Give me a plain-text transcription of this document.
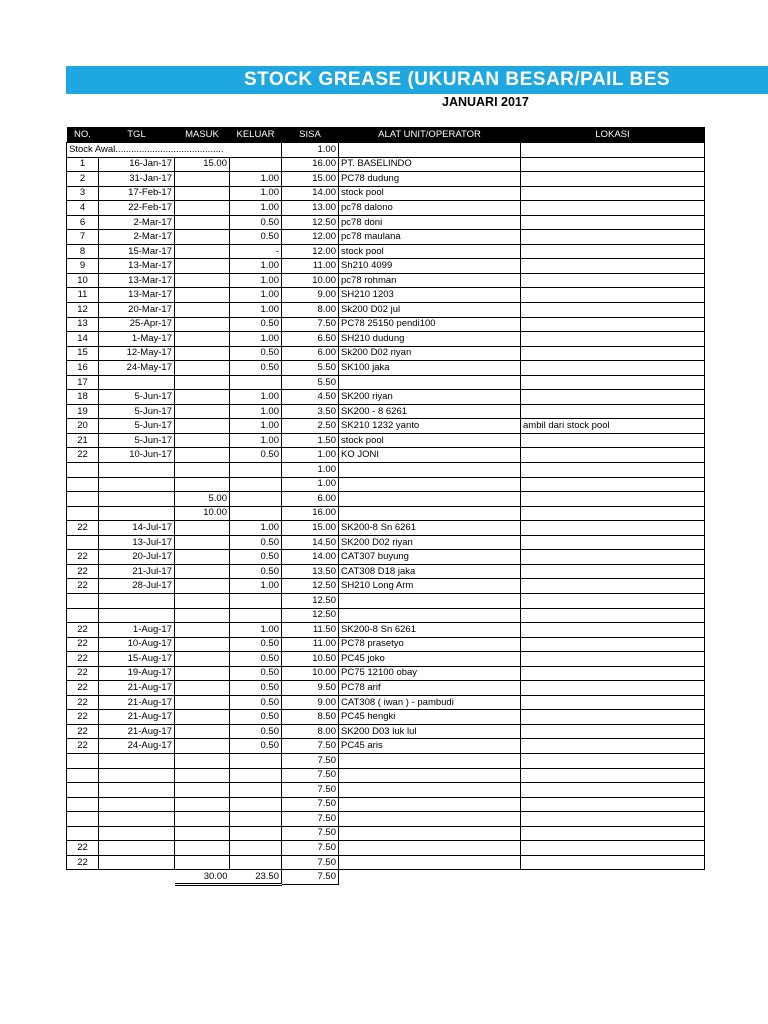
STOCK GREASE (UKURAN BESAR/PAIL BES
JANUARI 2017
NO.	TGL	MASUK	KELUAR	SISA	ALAT UNIT/OPERATOR	LOKASI
Stock Awal.........................................				1.00		
1	16-Jan-17	15.00		16.00	PT. BASELINDO	
2	31-Jan-17		1.00	15.00	PC78 dudung	
3	17-Feb-17		1.00	14.00	stock pool	
4	22-Feb-17		1.00	13.00	pc78 dalono	
6	2-Mar-17		0.50	12.50	pc78 doni	
7	2-Mar-17		0.50	12.00	pc78 maulana	
8	15-Mar-17		-	12.00	stock pool	
9	13-Mar-17		1.00	11.00	Sh210 4099	
10	13-Mar-17		1.00	10.00	pc78 rohman	
11	13-Mar-17		1.00	9.00	SH210 1203	
12	20-Mar-17		1.00	8.00	Sk200 D02 jul	
13	25-Apr-17		0.50	7.50	PC78 25150 pendi100	
14	1-May-17		1.00	6.50	SH210 dudung	
15	12-May-17		0.50	6.00	Sk200 D02 riyan	
16	24-May-17		0.50	5.50	SK100 jaka	
17				5.50		
18	5-Jun-17		1.00	4.50	SK200 riyan	
19	5-Jun-17		1.00	3.50	SK200 - 8 6261	
20	5-Jun-17		1.00	2.50	SK210 1232 yanto	ambil dari stock pool
21	5-Jun-17		1.00	1.50	stock pool	
22	10-Jun-17		0.50	1.00	KO JONI	
				1.00		
				1.00		
		5.00		6.00		
		10.00		16.00		
22	14-Jul-17		1.00	15.00	SK200-8 Sn 6261	
	13-Jul-17		0.50	14.50	SK200 D02 riyan	
22	20-Jul-17		0.50	14.00	CAT307 buyung	
22	21-Jul-17		0.50	13.50	CAT308 D18 jaka	
22	28-Jul-17		1.00	12.50	SH210 Long Arm	
				12.50		
				12.50		
22	1-Aug-17		1.00	11.50	SK200-8 Sn 6261	
22	10-Aug-17		0.50	11.00	PC78 prasetyo	
22	15-Aug-17		0.50	10.50	PC45 joko	
22	19-Aug-17		0.50	10.00	PC75 12100 obay	
22	21-Aug-17		0.50	9.50	PC78 arif	
22	21-Aug-17		0.50	9.00	CAT308 ( iwan ) - pambudi	
22	21-Aug-17		0.50	8.50	PC45 hengki	
22	21-Aug-17		0.50	8.00	SK200 D03 luk lul	
22	24-Aug-17		0.50	7.50	PC45 aris	
				7.50		
				7.50		
				7.50		
				7.50		
				7.50		
				7.50		
22				7.50		
22				7.50		
		30.00	23.50	7.50		
